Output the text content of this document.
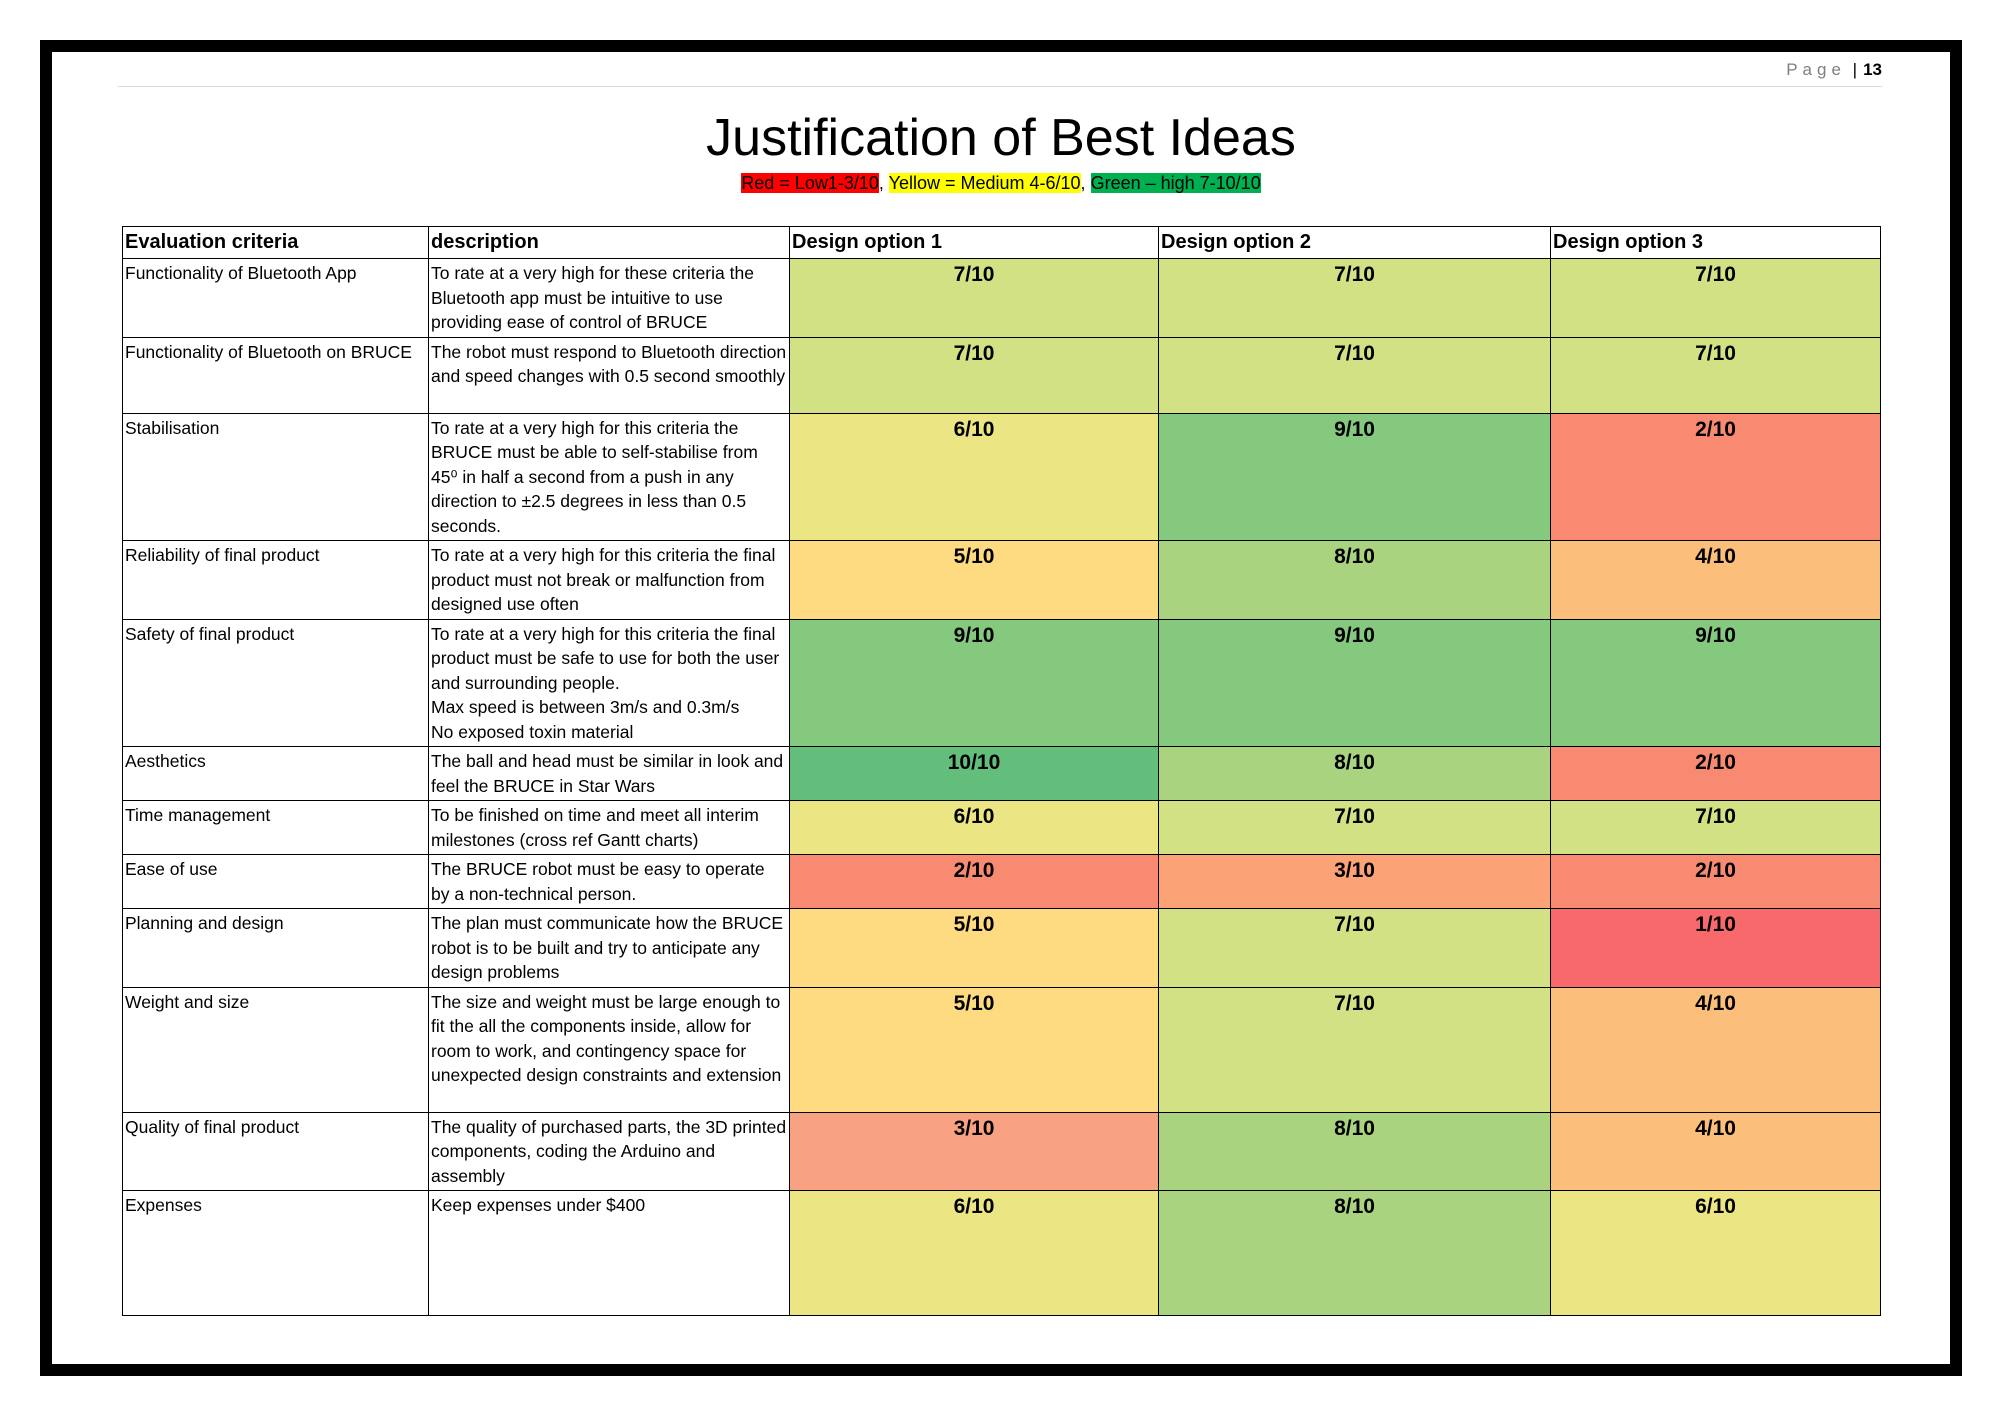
Page | 13
Justification of Best Ideas
Red = Low1-3/10, Yellow = Medium 4-6/10, Green – high 7-10/10
Evaluation criteria	description	Design option 1	Design option 2	Design option 3
Functionality of Bluetooth App	To rate at a very high for these criteria the Bluetooth app must be intuitive to use providing ease of control of BRUCE	7/10	7/10	7/10
Functionality of Bluetooth on BRUCE	The robot must respond to Bluetooth direction and speed changes with 0.5 second smoothly	7/10	7/10	7/10
Stabilisation	To rate at a very high for this criteria the BRUCE must be able to self-stabilise from 45⁰ in half a second from a push in any direction to ±2.5 degrees in less than 0.5 seconds.	6/10	9/10	2/10
Reliability of final product	To rate at a very high for this criteria the final product must not break or malfunction from designed use often	5/10	8/10	4/10
Safety of final product	To rate at a very high for this criteria the final product must be safe to use for both the user and surrounding people.
Max speed is between 3m/s and 0.3m/s
No exposed toxin material	9/10	9/10	9/10
Aesthetics	The ball and head must be similar in look and feel the BRUCE in Star Wars	10/10	8/10	2/10
Time management	To be finished on time and meet all interim milestones (cross ref Gantt charts)	6/10	7/10	7/10
Ease of use	The BRUCE robot must be easy to operate by a non-technical person.	2/10	3/10	2/10
Planning and design	The plan must communicate how the BRUCE robot is to be built and try to anticipate any design problems	5/10	7/10	1/10
Weight and size	The size and weight must be large enough to fit the all the components inside, allow for room to work, and contingency space for unexpected design constraints and extension	5/10	7/10	4/10
Quality of final product	The quality of purchased parts, the 3D printed components, coding the Arduino and assembly	3/10	8/10	4/10
Expenses	Keep expenses under $400	6/10	8/10	6/10
